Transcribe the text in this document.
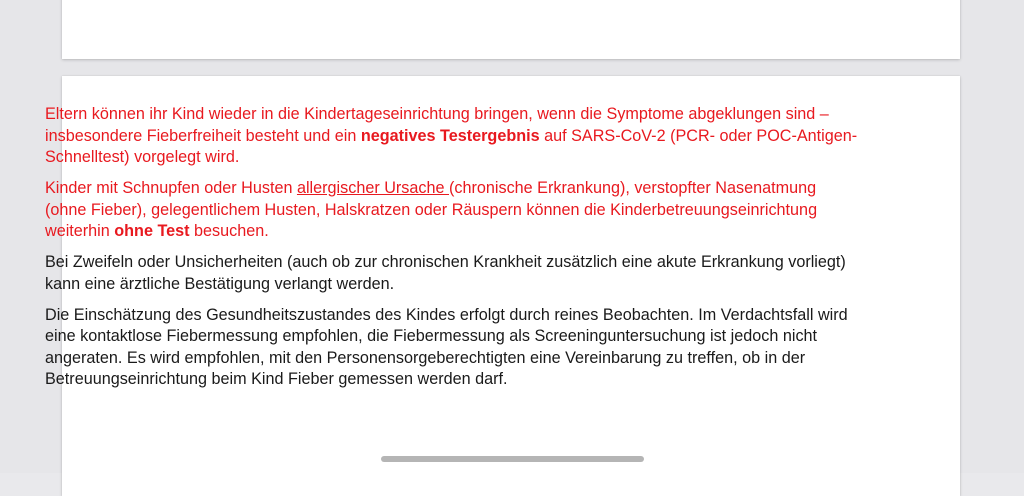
Eltern können ihr Kind wieder in die Kindertageseinrichtung bringen, wenn die Symptome abgeklungen sind – insbesondere Fieberfreiheit besteht und ein negatives Testergebnis auf SARS-CoV-2 (PCR- oder POC-Antigen-Schnelltest) vorgelegt wird.

Kinder mit Schnupfen oder Husten allergischer Ursache (chronische Erkrankung), verstopfter Nasenatmung (ohne Fieber), gelegentlichem Husten, Halskratzen oder Räuspern können die Kinderbetreuungseinrichtung weiterhin ohne Test besuchen.

Bei Zweifeln oder Unsicherheiten (auch ob zur chronischen Krankheit zusätzlich eine akute Erkrankung vorliegt) kann eine ärztliche Bestätigung verlangt werden.

Die Einschätzung des Gesundheitszustandes des Kindes erfolgt durch reines Beobachten. Im Verdachtsfall wird eine kontaktlose Fiebermessung empfohlen, die Fiebermessung als Screeninguntersuchung ist jedoch nicht angeraten. Es wird empfohlen, mit den Personensorgeberechtigten eine Vereinbarung zu treffen, ob in der Betreuungseinrichtung beim Kind Fieber gemessen werden darf.
